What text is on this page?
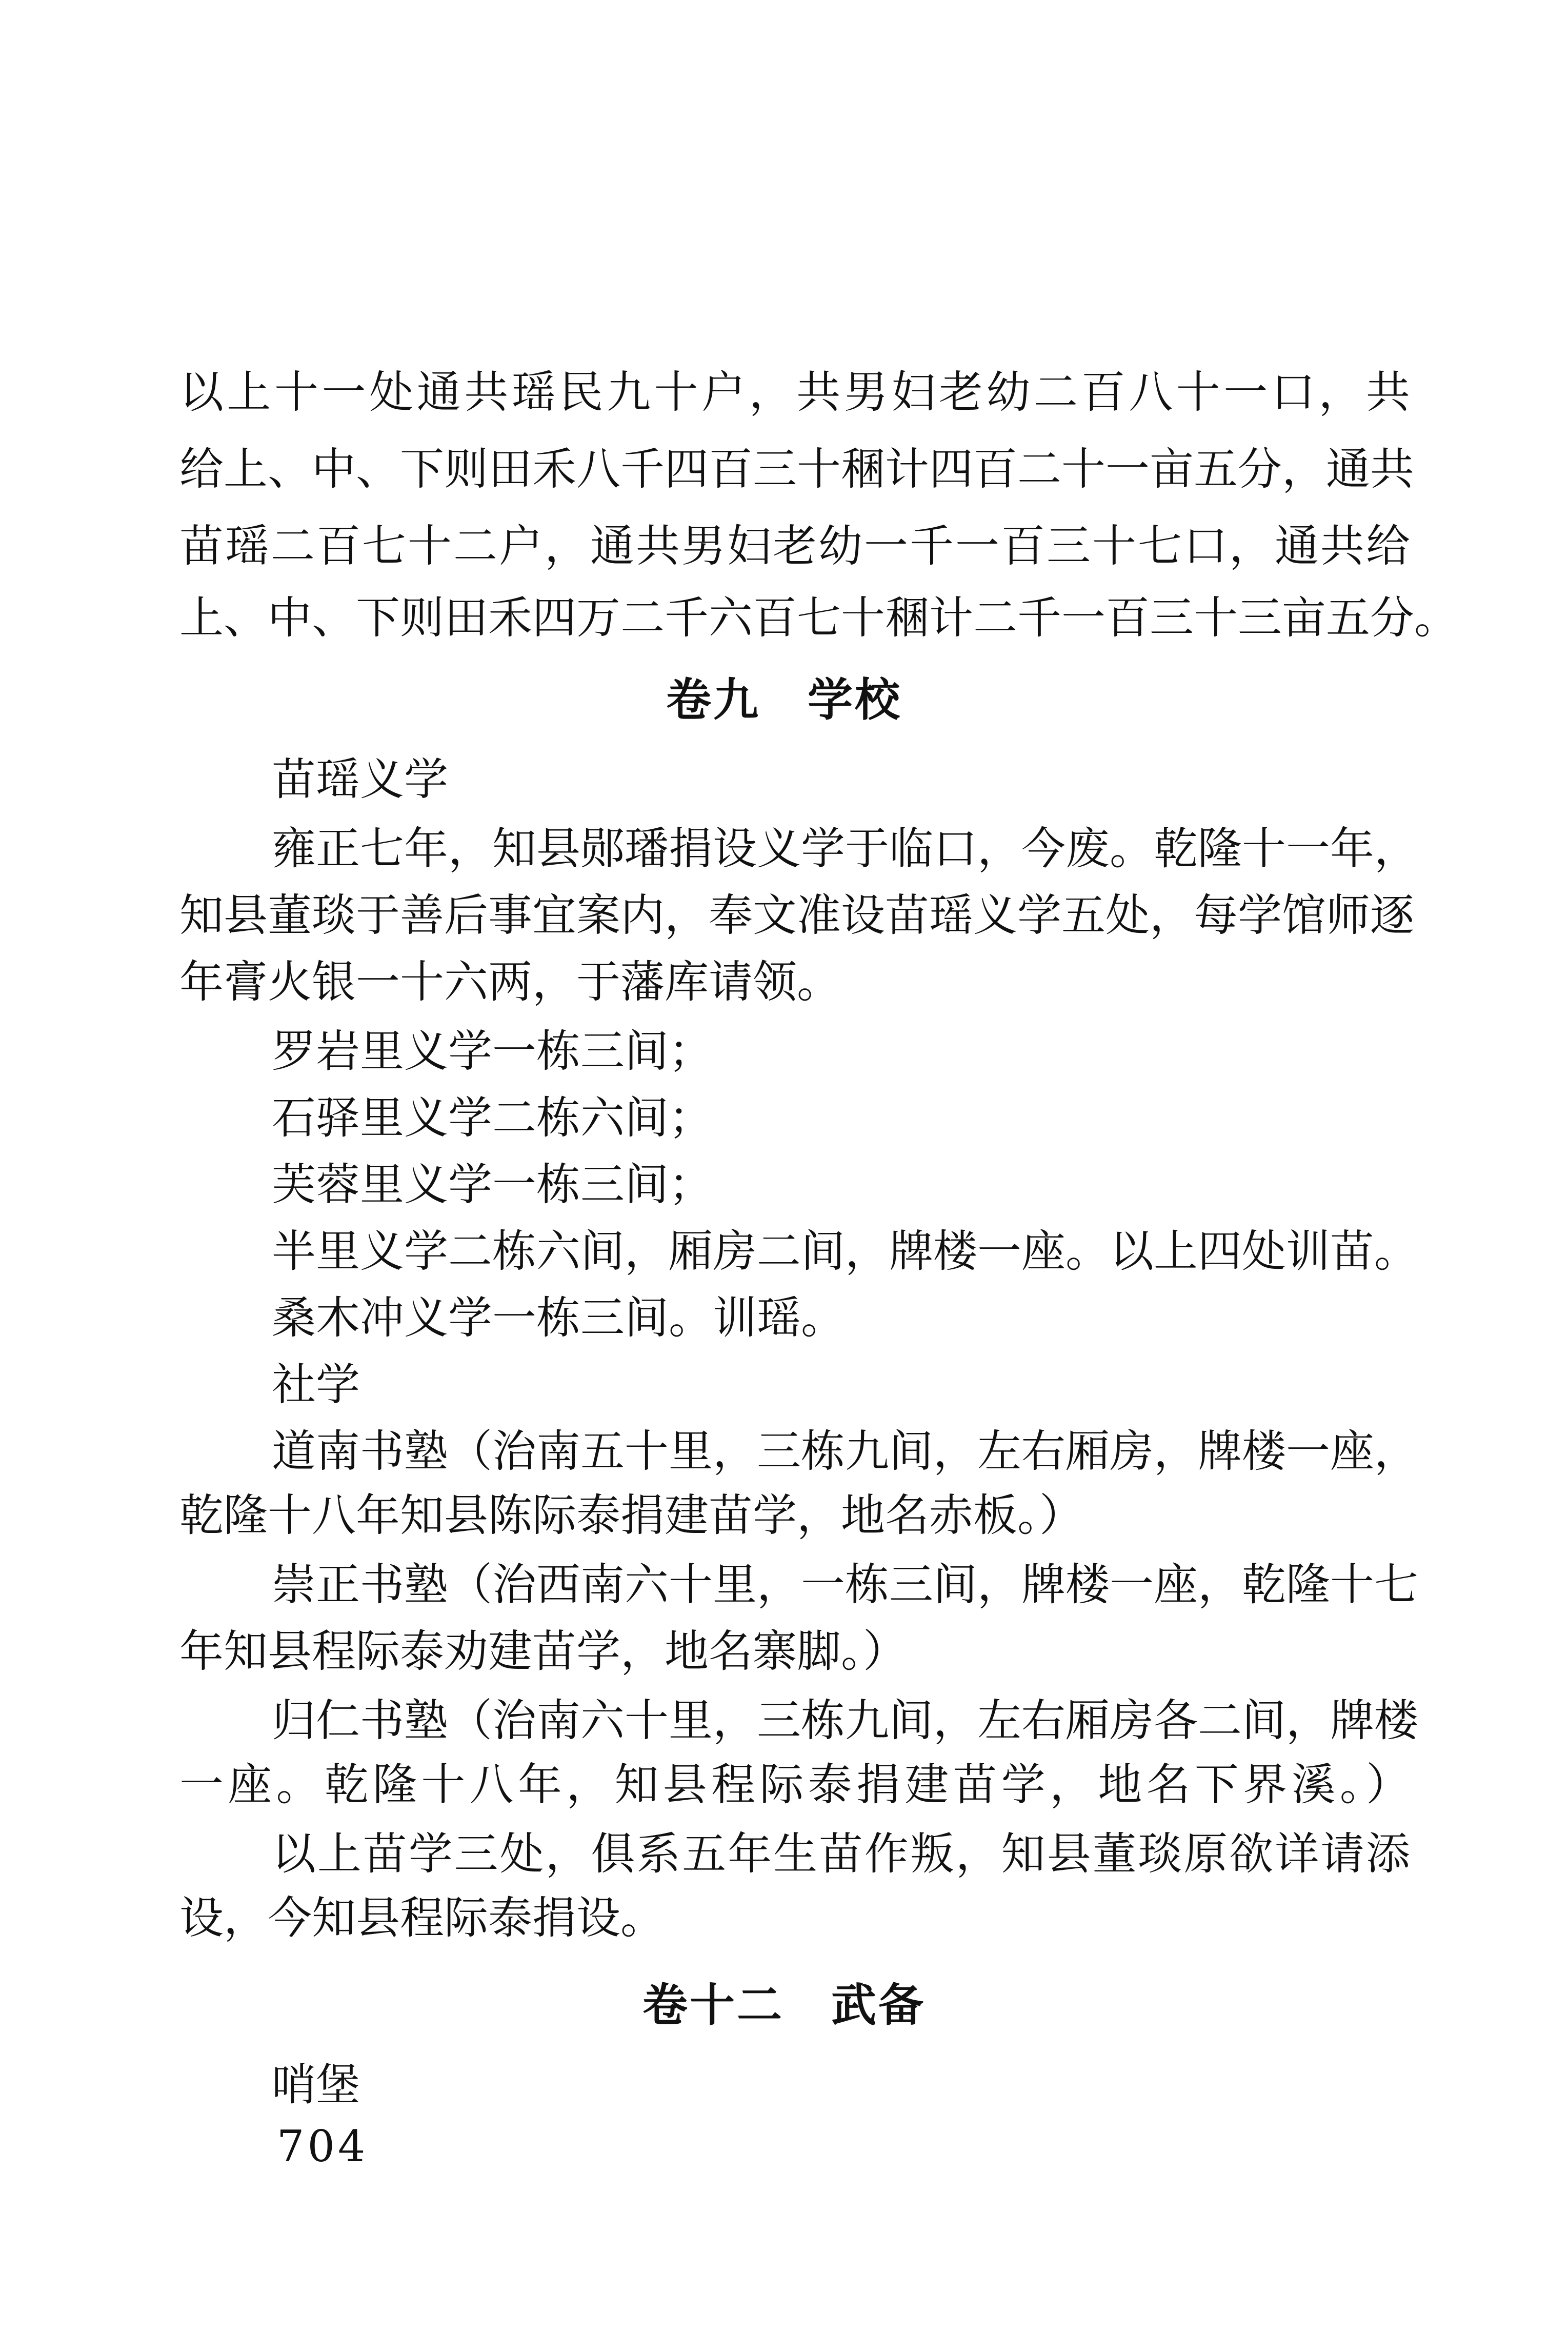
以上十一处通共瑶民九十户，共男妇老幼二百八十一口，共
给上、中、下则田禾八千四百三十稛计四百二十一亩五分，通共
苗瑶二百七十二户，通共男妇老幼一千一百三十七口，通共给
上、中、下则田禾四万二千六百七十稛计二千一百三十三亩五分。
卷九　学校
苗瑶义学
雍正七年，知县郧璠捐设义学于临口，今废。乾隆十一年，
知县董琰于善后事宜案内，奉文准设苗瑶义学五处，每学馆师逐
年膏火银一十六两，于藩库请领。
罗岩里义学一栋三间；
石驿里义学二栋六间；
芙蓉里义学一栋三间；
半里义学二栋六间，厢房二间，牌楼一座。以上四处训苗。
桑木冲义学一栋三间。训瑶。
社学
道南书塾（治南五十里，三栋九间，左右厢房，牌楼一座，
乾隆十八年知县陈际泰捐建苗学，地名赤板。）
崇正书塾（治西南六十里，一栋三间，牌楼一座，乾隆十七
年知县程际泰劝建苗学，地名寨脚。）
归仁书塾（治南六十里，三栋九间，左右厢房各二间，牌楼
一座。乾隆十八年，知县程际泰捐建苗学，地名下界溪。）
以上苗学三处，俱系五年生苗作叛，知县董琰原欲详请添
设，今知县程际泰捐设。
卷十二　武备
哨堡
704
